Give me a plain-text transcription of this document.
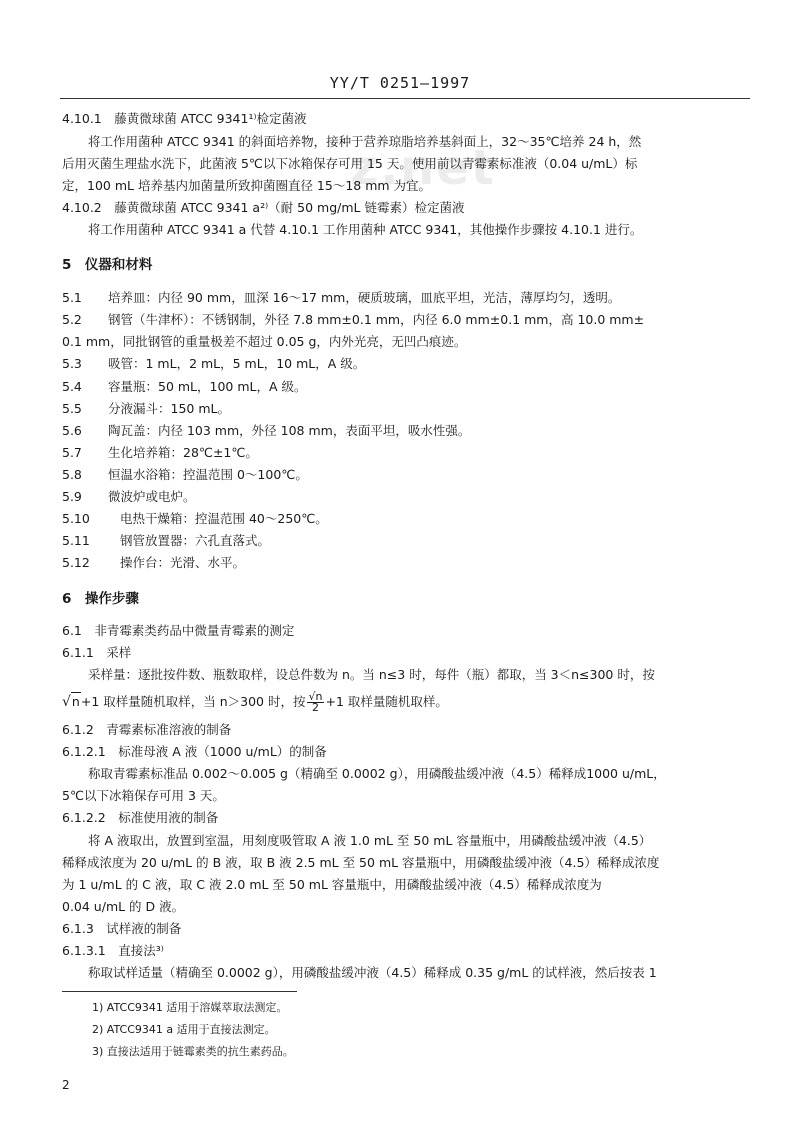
z.net
YY/T 0251—1997
4.10.1　藤黄微球菌 ATCC 9341¹⁾检定菌液
将工作用菌种 ATCC 9341 的斜面培养物，接种于营养琼脂培养基斜面上，32～35℃培养 24 h，然
后用灭菌生理盐水洗下，此菌液 5℃以下冰箱保存可用 15 天。使用前以青霉素标准液（0.04 u/mL）标
定，100 mL 培养基内加菌量所致抑菌圈直径 15～18 mm 为宜。
4.10.2　藤黄微球菌 ATCC 9341 a²⁾（耐 50 mg/mL 链霉素）检定菌液
将工作用菌种 ATCC 9341 a 代替 4.10.1 工作用菌种 ATCC 9341，其他操作步骤按 4.10.1 进行。
5　仪器和材料
5.1 培养皿：内径 90 mm，皿深 16～17 mm，硬质玻璃，皿底平坦，光洁，薄厚均匀，透明。
5.2 钢管（牛津杯）：不锈钢制，外径 7.8 mm±0.1 mm，内径 6.0 mm±0.1 mm，高 10.0 mm±
0.1 mm，同批钢管的重量极差不超过 0.05 g，内外光亮，无凹凸痕迹。
5.3 吸管：1 mL，2 mL，5 mL，10 mL，A 级。
5.4 容量瓶：50 mL，100 mL，A 级。
5.5 分液漏斗：150 mL。
5.6 陶瓦盖：内径 103 mm，外径 108 mm，表面平坦，吸水性强。
5.7 生化培养箱：28℃±1℃。
5.8 恒温水浴箱：控温范围 0～100℃。
5.9 微波炉或电炉。
5.10 电热干燥箱：控温范围 40～250℃。
5.11 钢管放置器：六孔直落式。
5.12 操作台：光滑、水平。
6　操作步骤
6.1　非青霉素类药品中微量青霉素的测定
6.1.1　采样
采样量：逐批按件数、瓶数取样，设总件数为 n。当 n≤3 时，每件（瓶）都取，当 3＜n≤300 时，按
√n+1 取样量随机取样，当 n＞300 时，按 $\frac{√n}{2} +1$ 取样量随机取样。
6.1.2　青霉素标准溶液的制备
6.1.2.1　标准母液 A 液（1000 u/mL）的制备
称取青霉素标准品 0.002～0.005 g（精确至 0.0002 g），用磷酸盐缓冲液（4.5）稀释成1000 u/mL，
5℃以下冰箱保存可用 3 天。
6.1.2.2　标准使用液的制备
将 A 液取出，放置到室温，用刻度吸管取 A 液 1.0 mL 至 50 mL 容量瓶中，用磷酸盐缓冲液（4.5）
稀释成浓度为 20 u/mL 的 B 液，取 B 液 2.5 mL 至 50 mL 容量瓶中，用磷酸盐缓冲液（4.5）稀释成浓度
为 1 u/mL 的 C 液，取 C 液 2.0 mL 至 50 mL 容量瓶中，用磷酸盐缓冲液（4.5）稀释成浓度为
0.04 u/mL 的 D 液。
6.1.3　试样液的制备
6.1.3.1　直接法³⁾
称取试样适量（精确至 0.0002 g），用磷酸盐缓冲液（4.5）稀释成 0.35 g/mL 的试样液，然后按表 1
1) ATCC9341 适用于溶媒萃取法测定。
2) ATCC9341 a 适用于直接法测定。
3) 直接法适用于链霉素类的抗生素药品。
2
